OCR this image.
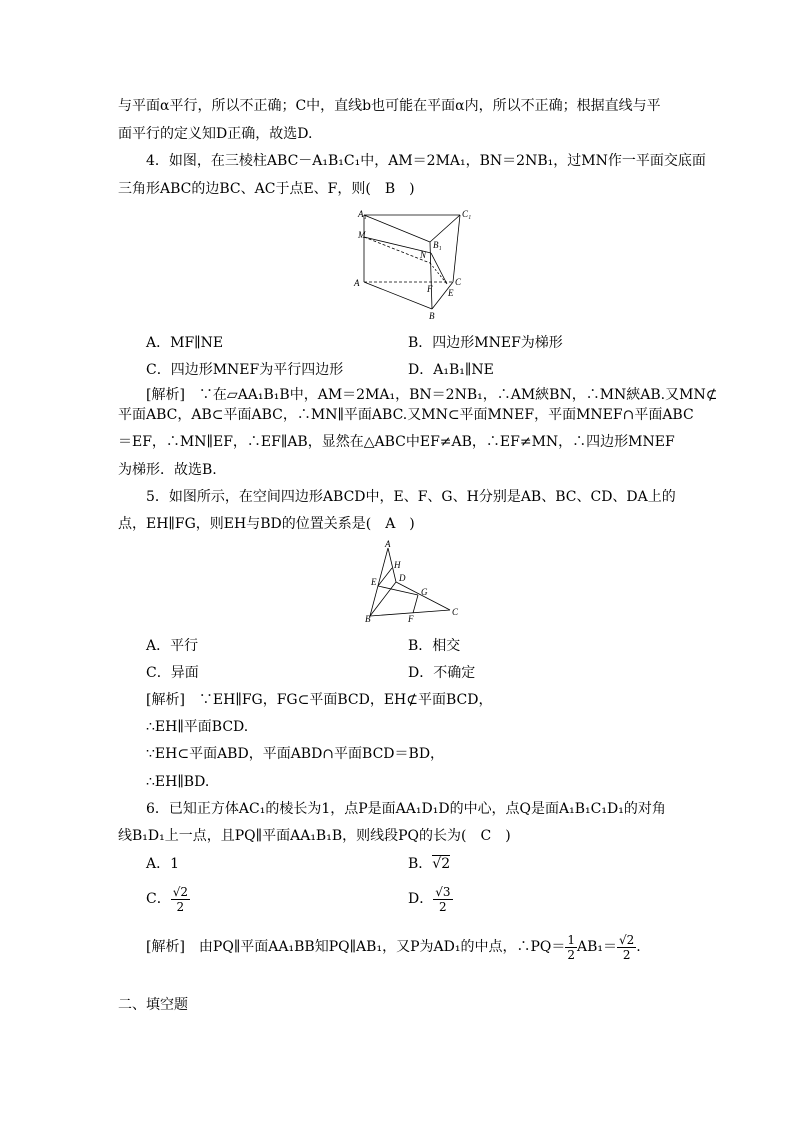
与平面α平行，所以不正确；C中，直线b也可能在平面α内，所以不正确；根据直线与平
面平行的定义知D正确，故选D.
4．如图，在三棱柱ABC－A₁B₁C₁中，AM＝2MA₁，BN＝2NB₁，过MN作一平面交底面
三角形ABC的边BC、AC于点E、F，则(　B　)
A₁	C₁
B₁
M
N
A	C
F E
B
A．MF∥NE	B．四边形MNEF为梯形
C．四边形MNEF为平行四边形	D．A₁B₁∥NE
[解析]　∵在▱AA₁B₁B中，AM＝2MA₁，BN＝2NB₁，∴AM綊BN，∴MN綊AB.又MN⊄
平面ABC，AB⊂平面ABC，∴MN∥平面ABC.又MN⊂平面MNEF，平面MNEF∩平面ABC
＝EF，∴MN∥EF，∴EF∥AB，显然在△ABC中EF≠AB，∴EF≠MN，∴四边形MNEF
为梯形．故选B.
5．如图所示，在空间四边形ABCD中，E、F、G、H分别是AB、BC、CD、DA上的
点，EH∥FG，则EH与BD的位置关系是(　A　)
A
H
E	D
G
B	F
C
A．平行	B．相交
C．异面	D．不确定
[解析]　∵EH∥FG，FG⊂平面BCD，EH⊄平面BCD，
∴EH∥平面BCD.
∵EH⊂平面ABD，平面ABD∩平面BCD＝BD，
∴EH∥BD.
6．已知正方体AC₁的棱长为1，点P是面AA₁D₁D的中心，点Q是面A₁B₁C₁D₁的对角
线B₁D₁上一点，且PQ∥平面AA₁B₁B，则线段PQ的长为(　C　)
A．1	B．√2
C． $\frac{√2}{2}$	D． $\frac{√3}{2}$
[解析]　由PQ∥平面AA₁BB知PQ∥AB₁，又P为AD₁的中点，∴PQ＝ $\frac{1}{2} AB_1= \frac{√2}{2}$ .
二、填空题
